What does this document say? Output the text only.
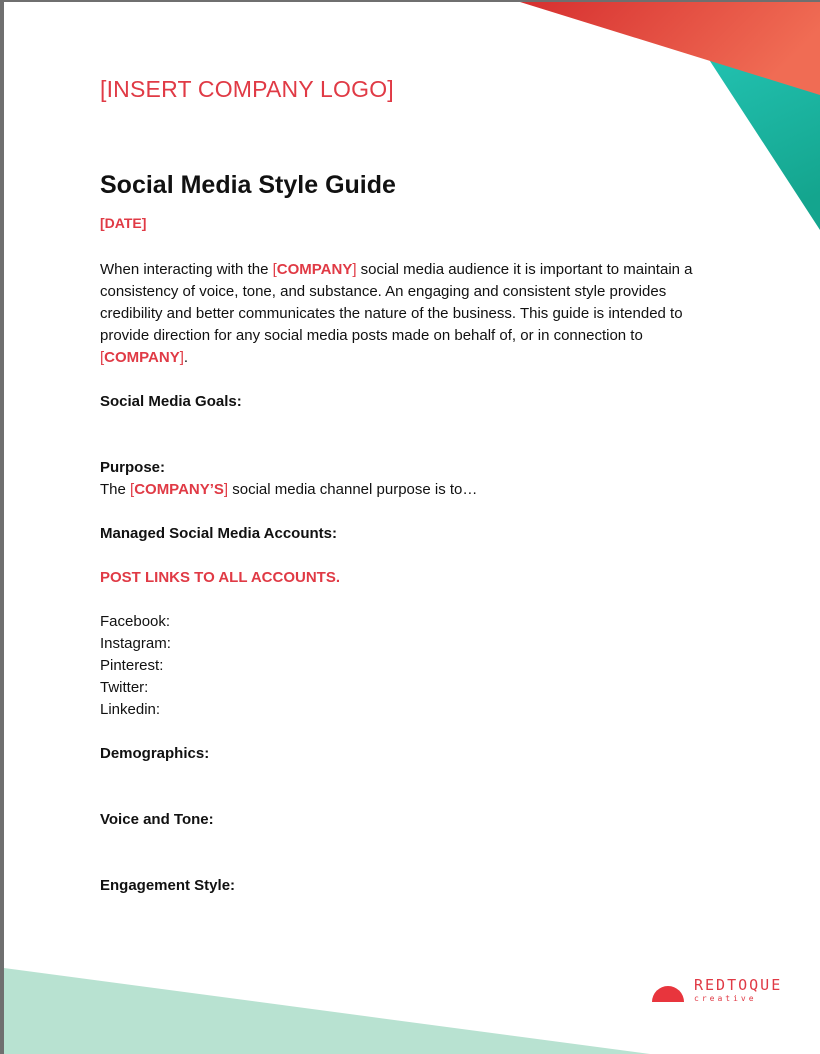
[INSERT COMPANY LOGO]
Social Media Style Guide
[DATE]

When interacting with the [COMPANY] social media audience it is important to maintain a consistency of voice, tone, and substance. An engaging and consistent style provides credibility and better communicates the nature of the business. This guide is intended to provide direction for any social media posts made on behalf of, or in connection to [COMPANY].

Social Media Goals:
Purpose:
The [COMPANY’S] social media channel purpose is to…
Managed Social Media Accounts:
POST LINKS TO ALL ACCOUNTS.
Facebook:
Instagram:
Pinterest:
Twitter:
Linkedin:
Demographics:
Voice and Tone:
Engagement Style:
REDTOQUE
creative
